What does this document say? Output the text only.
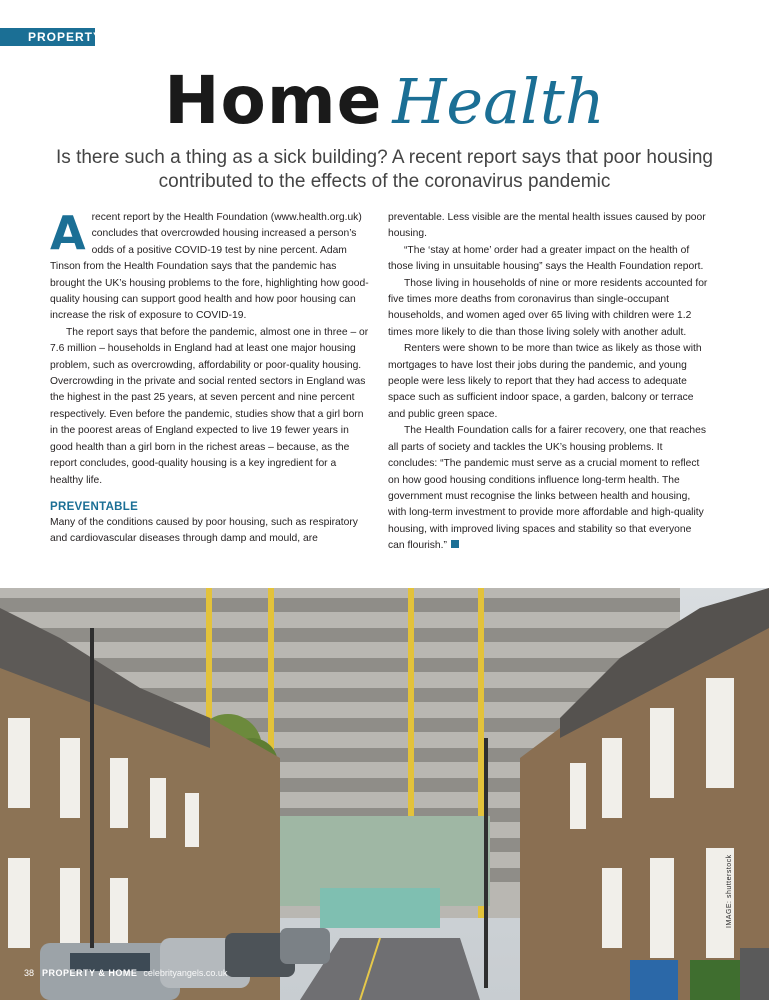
PROPERTY
Home Health
Is there such a thing as a sick building? A recent report says that poor housing contributed to the effects of the coronavirus pandemic

Arecent report by the Health Foundation (www.health.org.uk) concludes that overcrowded housing increased a person’s odds of a positive COVID-19 test by nine percent. Adam Tinson from the Health Foundation says that the pandemic has brought the UK’s housing problems to the fore, highlighting how good-quality housing can support good health and how poor housing can increase the risk of exposure to COVID-19.

The report says that before the pandemic, almost one in three – or 7.6 million – households in England had at least one major housing problem, such as overcrowding, affordability or poor-quality housing. Overcrowding in the private and social rented sectors in England was the highest in the past 25 years, at seven percent and nine percent respectively. Even before the pandemic, studies show that a girl born in the poorest areas of England expected to live 19 fewer years in good health than a girl born in the richest areas – because, as the report concludes, good-quality housing is a key ingredient for a healthy life.

PREVENTABLE

Many of the conditions caused by poor housing, such as respiratory and cardiovascular diseases through damp and mould, are

preventable. Less visible are the mental health issues caused by poor housing.

“The ‘stay at home’ order had a greater impact on the health of those living in unsuitable housing” says the Health Foundation report.

Those living in households of nine or more residents accounted for five times more deaths from coronavirus than single-occupant households, and women aged over 65 living with children were 1.2 times more likely to die than those living solely with another adult.

Renters were shown to be more than twice as likely as those with mortgages to have lost their jobs during the pandemic, and young people were less likely to report that they had access to adequate space such as sufficient indoor space, a garden, balcony or terrace and public green space.

The Health Foundation calls for a fairer recovery, one that reaches all parts of society and tackles the UK’s housing problems. It concludes: “The pandemic must serve as a crucial moment to reflect on how good housing conditions influence long-term health. The government must recognise the links between health and housing, with long-term investment to provide more affordable and high-quality housing, with improved living spaces and stability so that everyone can flourish.”

38 PROPERTY & HOME celebrityangels.co.uk
IMAGE: shutterstock
